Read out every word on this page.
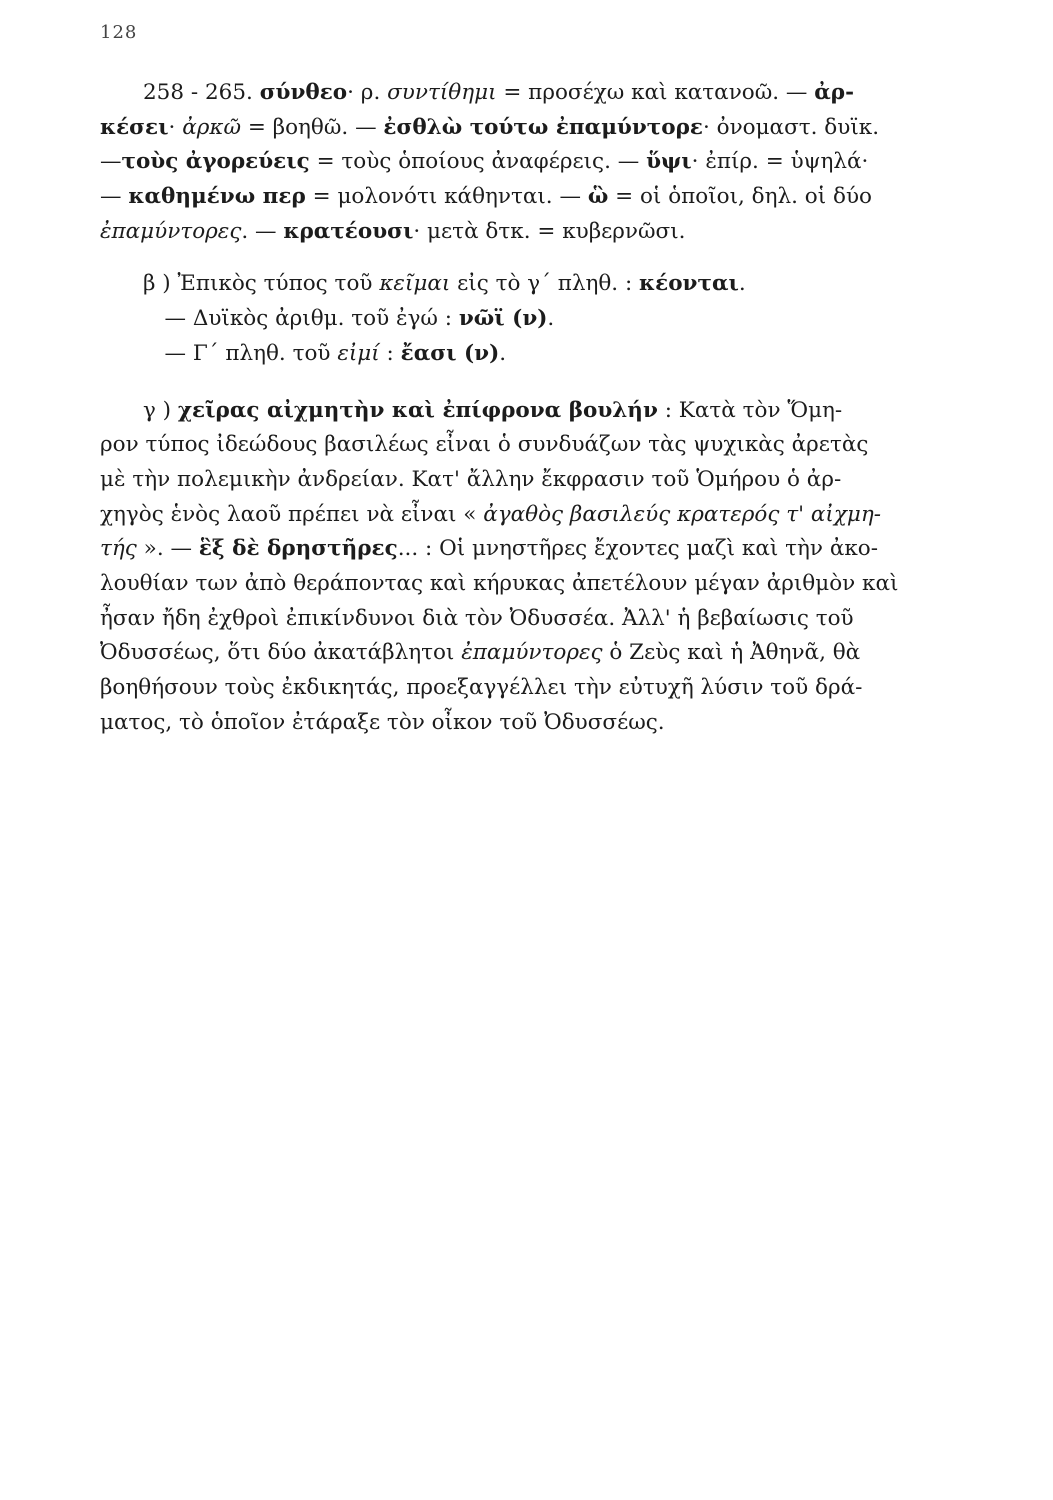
128
  258 - 265. σύνθεο· ρ. συντίθημι = προσέχω καὶ κατανοῶ. — ἀρ-
κέσει· ἀρκῶ = βοηθῶ. — ἐσθλὼ τούτω ἐπαμύντορε· ὀνομαστ. δυϊκ.
—τοὺς ἀγορεύεις = τοὺς ὁποίους ἀναφέρεις. — ὕψι· ἐπίρ. = ὑψηλά·
— καθημένω περ = μολονότι κάθηνται. — ὣ = οἱ ὁποῖοι, δηλ. οἱ δύο
ἐπαμύντορες. — κρατέουσι· μετὰ δτκ. = κυβερνῶσι.
  β ) Ἐπικὸς τύπος τοῦ κεῖμαι εἰς τὸ γ΄ πληθ. : κέονται.
   — Δυϊκὸς ἀριθμ. τοῦ ἐγώ : νῶϊ (ν).
   — Γ΄ πληθ. τοῦ εἰμί : ἔασι (ν).
  γ ) χεῖρας αἰχμητὴν καὶ ἐπίφρονα βουλήν : Κατὰ τὸν Ὅμη-
ρον τύπος ἰδεώδους βασιλέως εἶναι ὁ συνδυάζων τὰς ψυχικὰς ἀρετὰς
μὲ τὴν πολεμικὴν ἀνδρείαν. Κατ' ἄλλην ἔκφρασιν τοῦ Ὁμήρου ὁ ἀρ-
χηγὸς ἑνὸς λαοῦ πρέπει νὰ εἶναι « ἀγαθὸς βασιλεύς κρατερός τ' αἰχμη-
τής ». — ἓξ δὲ δρηστῆρες... : Οἱ μνηστῆρες ἔχοντες μαζὶ καὶ τὴν ἀκο-
λουθίαν των ἀπὸ θεράποντας καὶ κήρυκας ἀπετέλουν μέγαν ἀριθμὸν καὶ
ἦσαν ἤδη ἐχθροὶ ἐπικίνδυνοι διὰ τὸν Ὀδυσσέα. Ἀλλ' ἡ βεβαίωσις τοῦ
Ὀδυσσέως, ὅτι δύο ἀκατάβλητοι ἐπαμύντορες ὁ Ζεὺς καὶ ἡ Ἀθηνᾶ, θὰ
βοηθήσουν τοὺς ἐκδικητάς, προεξαγγέλλει τὴν εὐτυχῆ λύσιν τοῦ δρά-
ματος, τὸ ὁποῖον ἐτάραξε τὸν οἶκον τοῦ Ὀδυσσέως.
